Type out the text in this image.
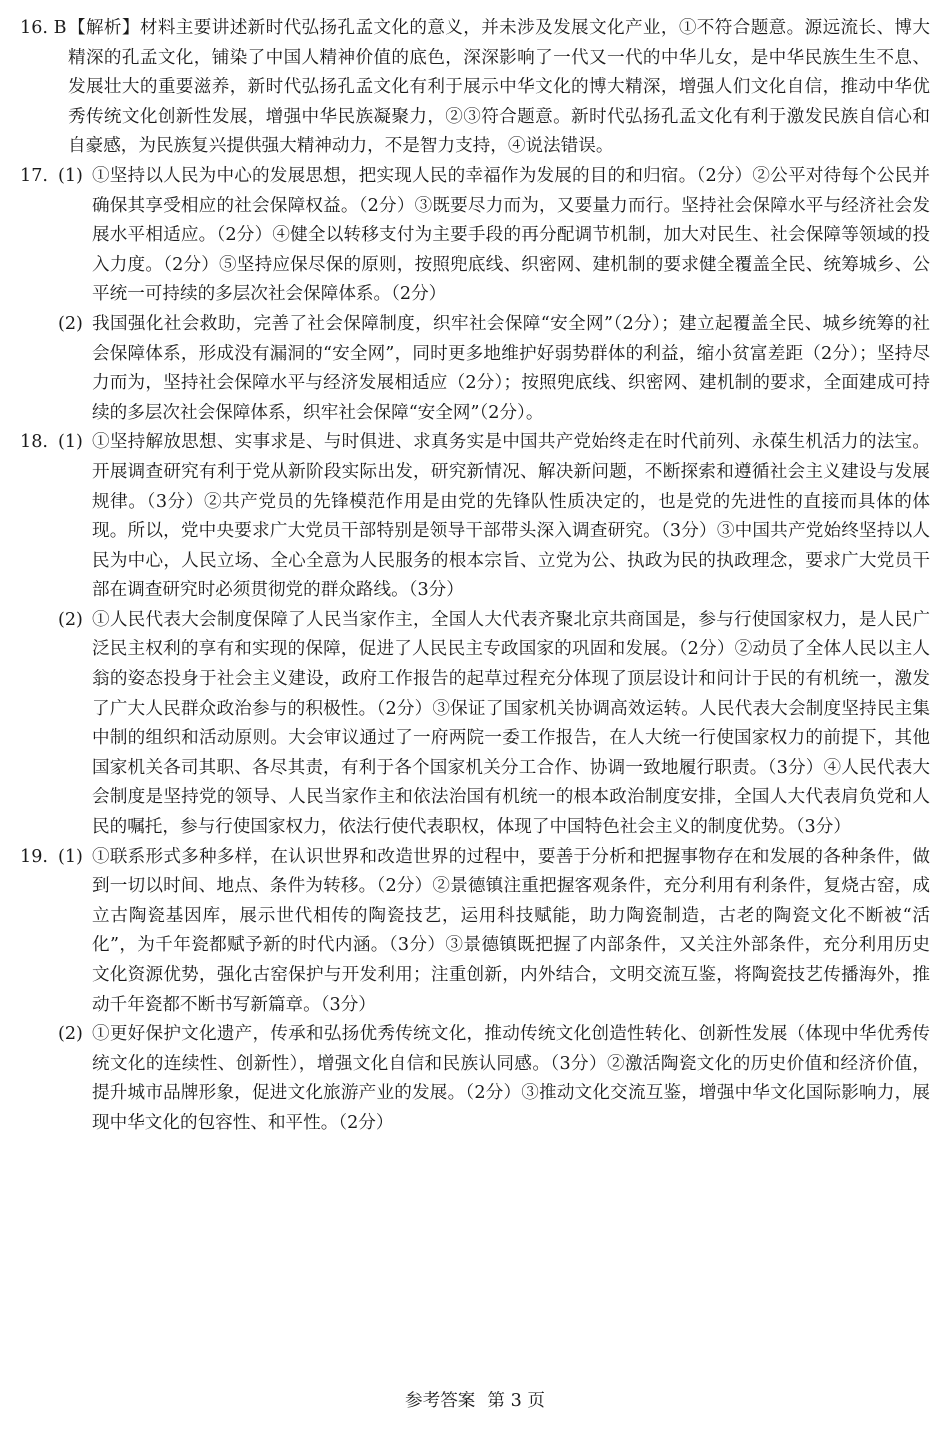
16. B 【解析】材料主要讲述新时代弘扬孔孟文化的意义，并未涉及发展文化产业，①不符合题意。源远流长、博大精深的孔孟文化，铺染了中国人精神价值的底色，深深影响了一代又一代的中华儿女，是中华民族生生不息、发展壮大的重要滋养，新时代弘扬孔孟文化有利于展示中华文化的博大精深，增强人们文化自信，推动中华优秀传统文化创新性发展，增强中华民族凝聚力，②③符合题意。新时代弘扬孔孟文化有利于激发民族自信心和自豪感，为民族复兴提供强大精神动力，不是智力支持，④说法错误。

17. (1) ①坚持以人民为中心的发展思想，把实现人民的幸福作为发展的目的和归宿。（2分）②公平对待每个公民并确保其享受相应的社会保障权益。（2分）③既要尽力而为，又要量力而行。坚持社会保障水平与经济社会发展水平相适应。（2分）④健全以转移支付为主要手段的再分配调节机制，加大对民生、社会保障等领域的投入力度。（2分）⑤坚持应保尽保的原则，按照兜底线、织密网、建机制的要求健全覆盖全民、统筹城乡、公平统一可持续的多层次社会保障体系。（2分）

(2) 我国强化社会救助，完善了社会保障制度，织牢社会保障“安全网”（2分）；建立起覆盖全民、城乡统筹的社会保障体系，形成没有漏洞的“安全网”，同时更多地维护好弱势群体的利益，缩小贫富差距（2分）；坚持尽力而为，坚持社会保障水平与经济发展相适应（2分）；按照兜底线、织密网、建机制的要求，全面建成可持续的多层次社会保障体系，织牢社会保障“安全网”（2分）。

18. (1) ①坚持解放思想、实事求是、与时俱进、求真务实是中国共产党始终走在时代前列、永葆生机活力的法宝。开展调查研究有利于党从新阶段实际出发，研究新情况、解决新问题，不断探索和遵循社会主义建设与发展规律。（3分）②共产党员的先锋模范作用是由党的先锋队性质决定的，也是党的先进性的直接而具体的体现。所以，党中央要求广大党员干部特别是领导干部带头深入调查研究。（3分）③中国共产党始终坚持以人民为中心，人民立场、全心全意为人民服务的根本宗旨、立党为公、执政为民的执政理念，要求广大党员干部在调查研究时必须贯彻党的群众路线。（3分）

(2) ①人民代表大会制度保障了人民当家作主，全国人大代表齐聚北京共商国是，参与行使国家权力，是人民广泛民主权利的享有和实现的保障，促进了人民民主专政国家的巩固和发展。（2分）②动员了全体人民以主人翁的姿态投身于社会主义建设，政府工作报告的起草过程充分体现了顶层设计和问计于民的有机统一，激发了广大人民群众政治参与的积极性。（2分）③保证了国家机关协调高效运转。人民代表大会制度坚持民主集中制的组织和活动原则。大会审议通过了一府两院一委工作报告，在人大统一行使国家权力的前提下，其他国家机关各司其职、各尽其责，有利于各个国家机关分工合作、协调一致地履行职责。（3分）④人民代表大会制度是坚持党的领导、人民当家作主和依法治国有机统一的根本政治制度安排，全国人大代表肩负党和人民的嘱托，参与行使国家权力，依法行使代表职权，体现了中国特色社会主义的制度优势。（3分）

19. (1) ①联系形式多种多样，在认识世界和改造世界的过程中，要善于分析和把握事物存在和发展的各种条件，做到一切以时间、地点、条件为转移。（2分）②景德镇注重把握客观条件，充分利用有利条件，复烧古窑，成立古陶瓷基因库，展示世代相传的陶瓷技艺，运用科技赋能，助力陶瓷制造，古老的陶瓷文化不断被“活化”，为千年瓷都赋予新的时代内涵。（3分）③景德镇既把握了内部条件，又关注外部条件，充分利用历史文化资源优势，强化古窑保护与开发利用；注重创新，内外结合，文明交流互鉴，将陶瓷技艺传播海外，推动千年瓷都不断书写新篇章。（3分）

(2) ①更好保护文化遗产，传承和弘扬优秀传统文化，推动传统文化创造性转化、创新性发展（体现中华优秀传统文化的连续性、创新性），增强文化自信和民族认同感。（3分）②激活陶瓷文化的历史价值和经济价值，提升城市品牌形象，促进文化旅游产业的发展。（2分）③推动文化交流互鉴，增强中华文化国际影响力，展现中华文化的包容性、和平性。（2分）

参考答案 第 3 页
